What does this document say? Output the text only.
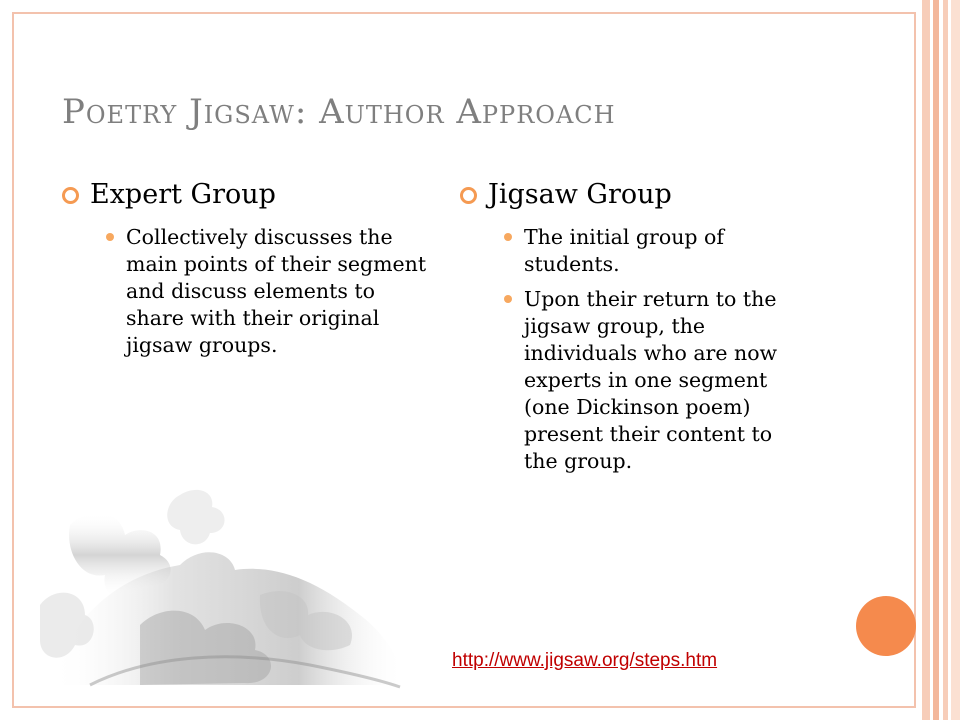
Poetry Jigsaw: Author Approach
Expert Group
Collectively discusses the main points of their segment and discuss elements to share with their original jigsaw groups.
Jigsaw Group
The initial group of students.
Upon their return to the jigsaw group, the individuals who are now experts in one segment (one Dickinson poem) present their content to the group.
http://www.jigsaw.org/steps.htm
